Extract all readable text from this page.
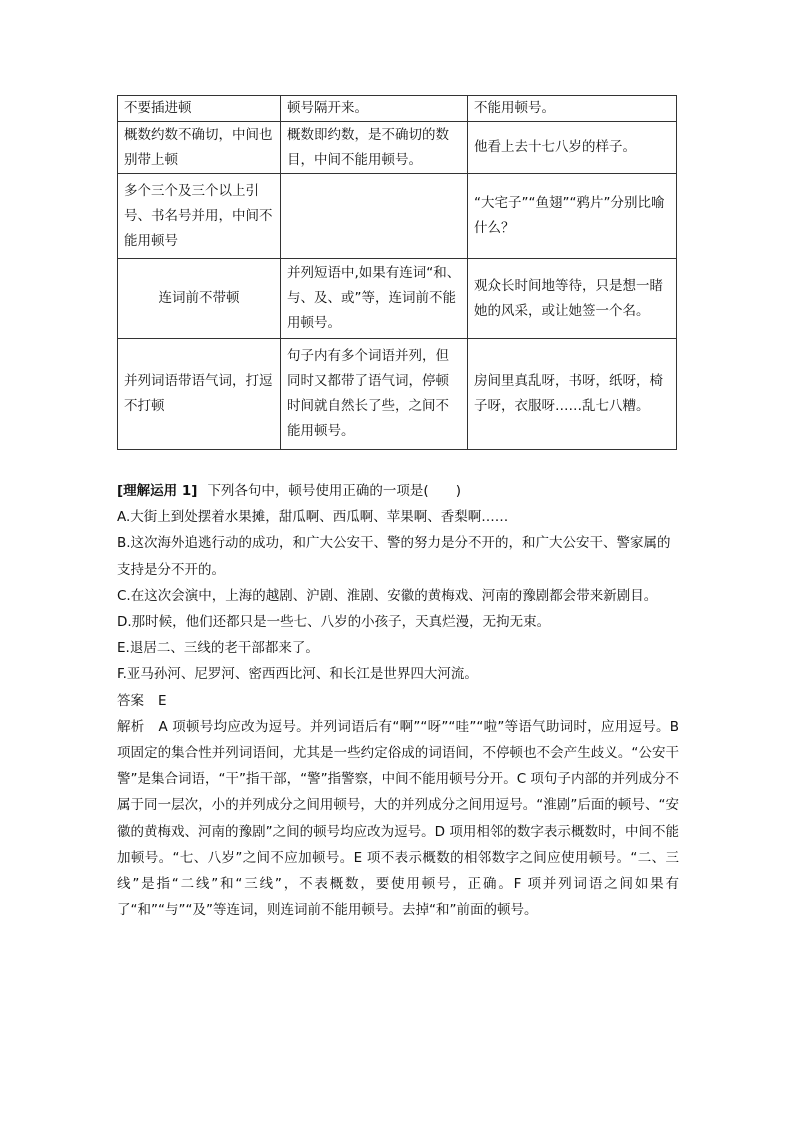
不要插进顿	顿号隔开来。	不能用顿号。
概数约数不确切，中间也别带上顿	概数即约数，是不确切的数目，中间不能用顿号。	他看上去十七八岁的样子。
多个三个及三个以上引号、书名号并用，中间不能用顿号		“大宅子”“鱼翅”“鸦片”分别比喻什么？
连词前不带顿	并列短语中,如果有连词“和、与、及、或”等，连词前不能用顿号。	观众长时间地等待，只是想一睹她的风采，或让她签一个名。
并列词语带语气词，打逗不打顿	句子内有多个词语并列，但同时又都带了语气词，停顿时间就自然长了些，之间不能用顿号。	房间里真乱呀，书呀，纸呀，椅子呀，衣服呀……乱七八糟。

[理解运用 1] 下列各句中，顿号使用正确的一项是(　　)

A.大街上到处摆着水果摊，甜瓜啊、西瓜啊、苹果啊、香梨啊……

B.这次海外追逃行动的成功，和广大公安干、警的努力是分不开的，和广大公安干、警家属的支持是分不开的。

C.在这次会演中，上海的越剧、沪剧、淮剧、安徽的黄梅戏、河南的豫剧都会带来新剧目。

D.那时候，他们还都只是一些七、八岁的小孩子，天真烂漫，无拘无束。

E.退居二、三线的老干部都来了。

F.亚马孙河、尼罗河、密西西比河、和长江是世界四大河流。

答案 E

解析 A 项顿号均应改为逗号。并列词语后有“啊”“呀”“哇”“啦”等语气助词时，应用逗号。B 项固定的集合性并列词语间，尤其是一些约定俗成的词语间，不停顿也不会产生歧义。“公安干警”是集合词语，“干”指干部，“警”指警察，中间不能用顿号分开。C 项句子内部的并列成分不属于同一层次，小的并列成分之间用顿号，大的并列成分之间用逗号。“淮剧”后面的顿号、“安徽的黄梅戏、河南的豫剧”之间的顿号均应改为逗号。D 项用相邻的数字表示概数时，中间不能加顿号。“七、八岁”之间不应加顿号。E 项不表示概数的相邻数字之间应使用顿号。“二、三线”是指“二线”和“三线”，不表概数，要使用顿号，正确。F 项并列词语之间如果有了“和”“与”“及”等连词，则连词前不能用顿号。去掉“和”前面的顿号。
